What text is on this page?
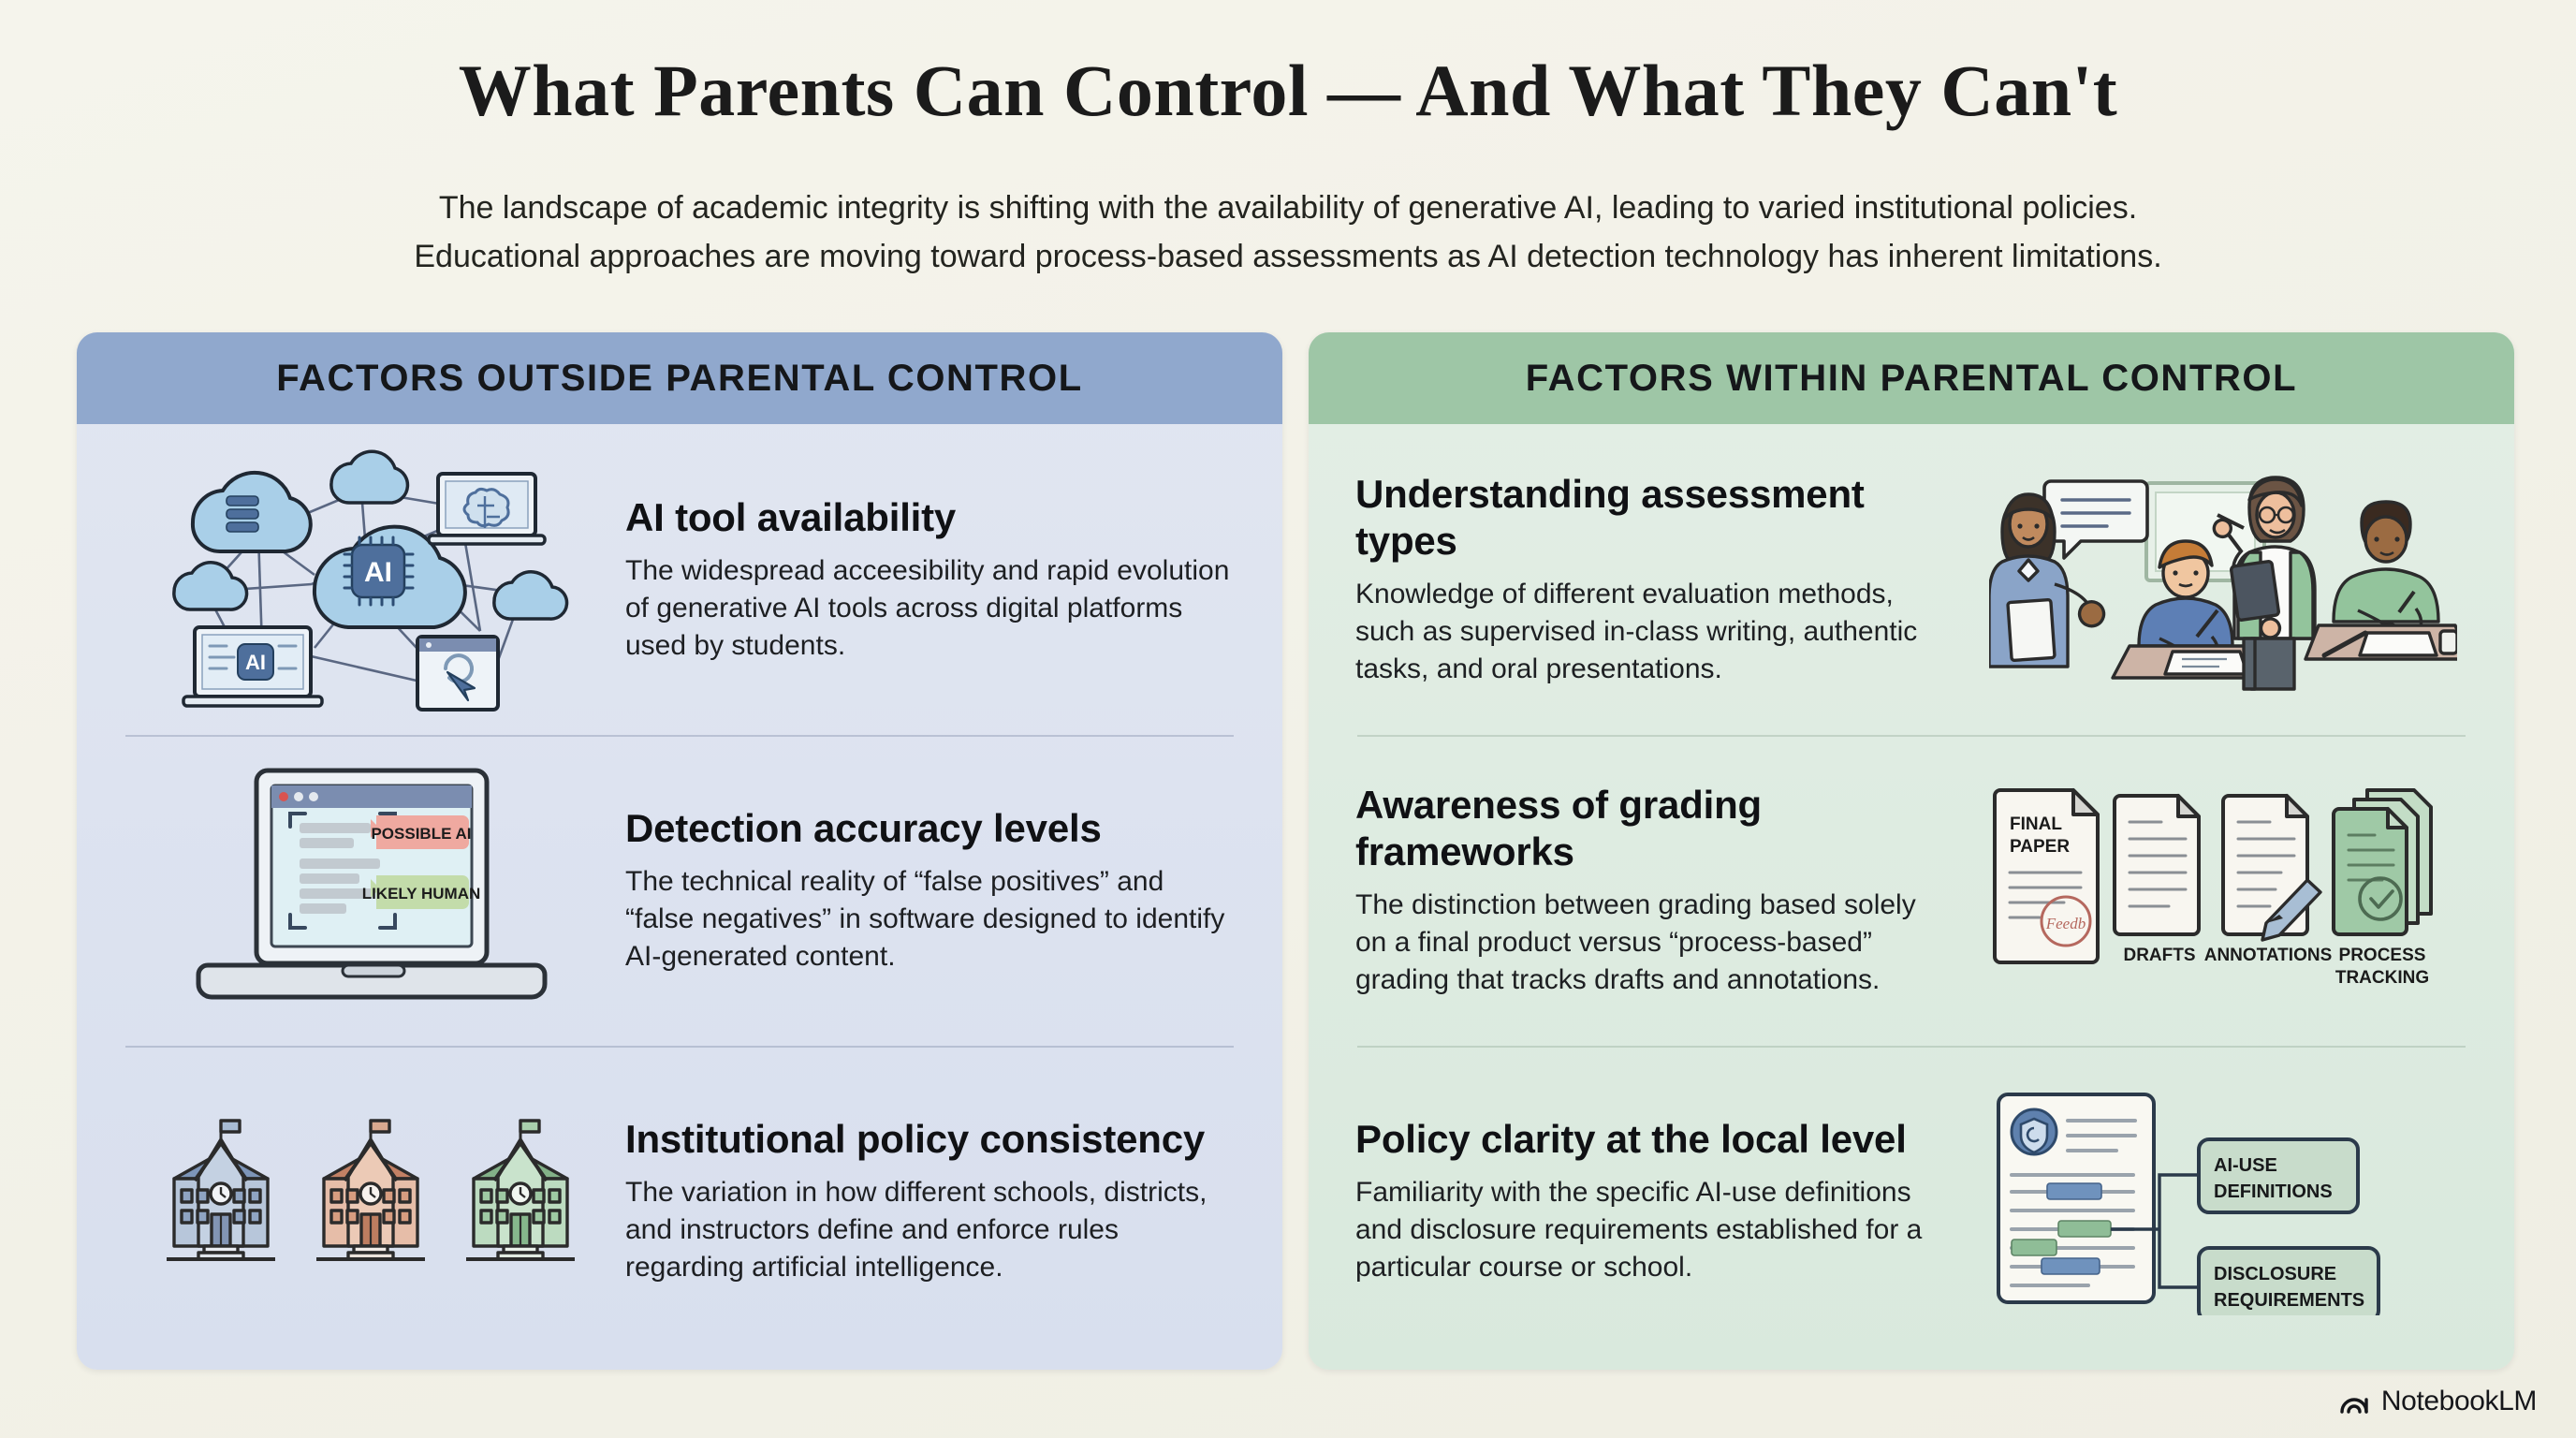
What Parents Can Control — And What They Can't
The landscape of academic integrity is shifting with the availability of generative AI, leading to varied institutional policies.
Educational approaches are moving toward process-based assessments as AI detection technology has inherent limitations.
FACTORS OUTSIDE PARENTAL CONTROL
AI
AI
AI tool availability
The widespread acceesibility and rapid evolution of generative AI tools across digital platforms used by students.
POSSIBLE AI
LIKELY HUMAN
Detection accuracy levels
The technical reality of “false positives” and “false negatives” in software designed to identify AI-generated content.
Institutional policy consistency
The variation in how different schools, districts, and instructors define and enforce rules regarding artificial intelligence.
FACTORS WITHIN PARENTAL CONTROL
Understanding assessment types
Knowledge of different evaluation methods, such as supervised in-class writing, authentic tasks, and oral presentations.
Awareness of grading frameworks
The distinction between grading based solely on a final product versus “process-based” grading that tracks drafts and annotations.
FINAL
PAPER
Feedb
DRAFTS ANNOTATIONS PROCESS
TRACKING
Policy clarity at the local level
Familiarity with the specific AI-use definitions and disclosure requirements established for a particular course or school.
AI-USE
DEFINITIONS
DISCLOSURE
REQUIREMENTS
NotebookLM
